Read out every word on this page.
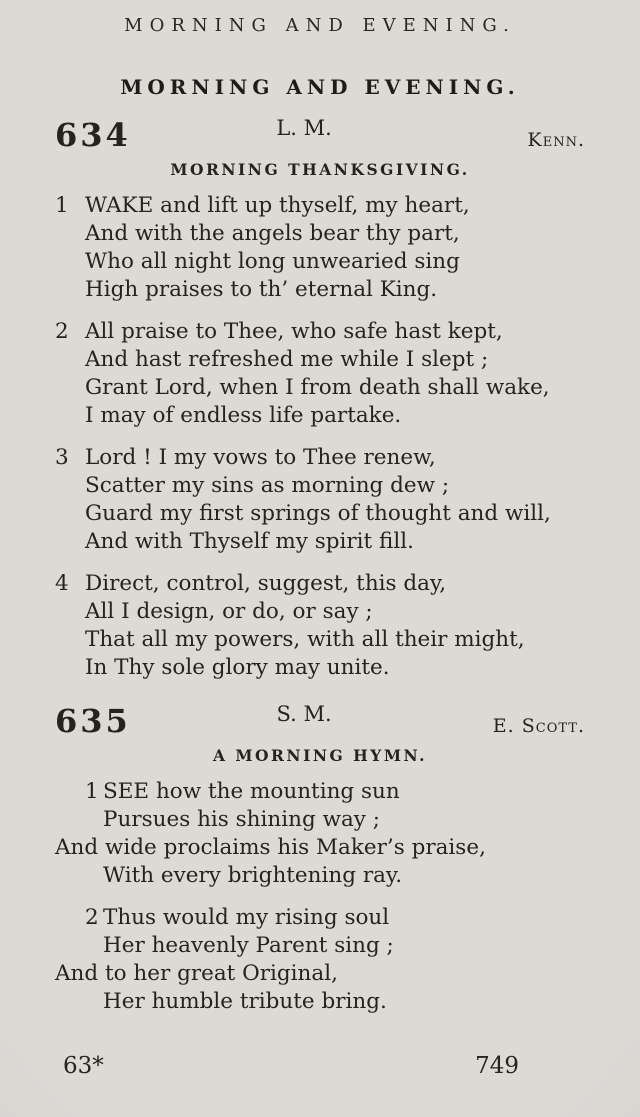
MORNING AND EVENING.
MORNING AND EVENING.
634	L. M.	Kenn.
MORNING THANKSGIVING.
1 WAKE and lift up thyself, my heart,
And with the angels bear thy part,
Who all night long unwearied sing
High praises to th’ eternal King.
2 All praise to Thee, who safe hast kept,
And hast refreshed me while I slept ;
Grant Lord, when I from death shall wake,
I may of endless life partake.
3 Lord ! I my vows to Thee renew,
Scatter my sins as morning dew ;
Guard my first springs of thought and will,
And with Thyself my spirit fill.
4 Direct, control, suggest, this day,
All I design, or do, or say ;
That all my powers, with all their might,
In Thy sole glory may unite.
635	S. M.	E. Scott.
A MORNING HYMN.
1 SEE how the mounting sun
Pursues his shining way ;
And wide proclaims his Maker’s praise,
With every brightening ray.
2 Thus would my rising soul
Her heavenly Parent sing ;
And to her great Original,
Her humble tribute bring.
63*	749
